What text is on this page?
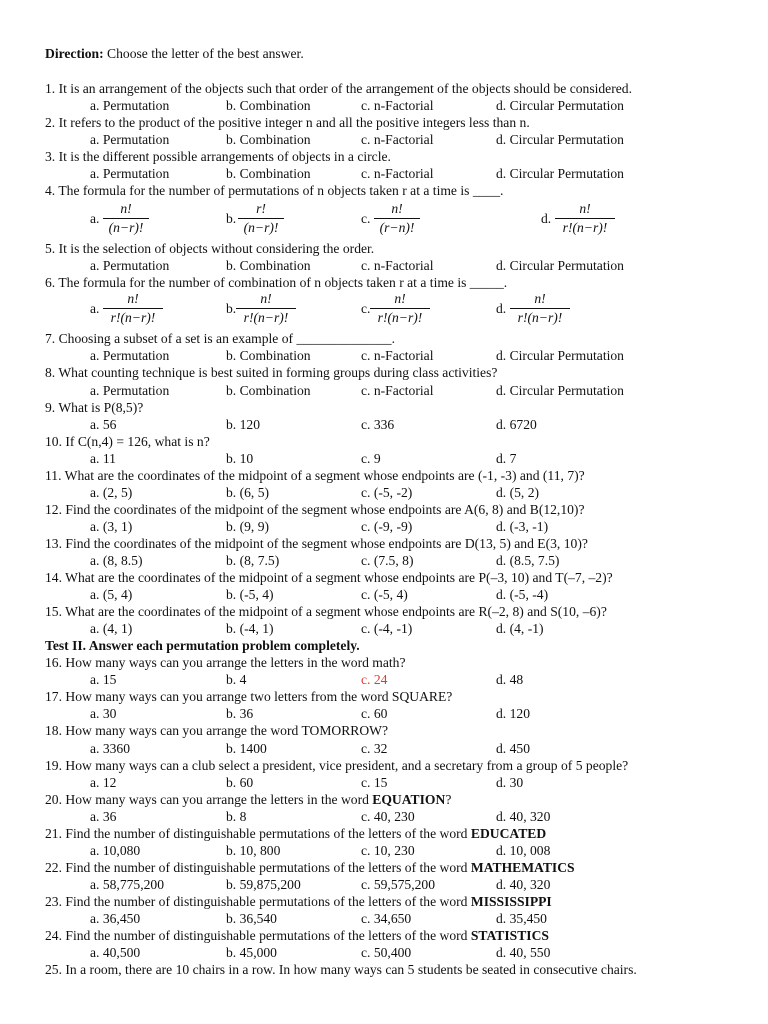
Direction: Choose the letter of the best answer.
1. It is an arrangement of the objects such that order of the arrangement of the objects should be considered.
a. Permutation	b. Combination	c. n-Factorial	d. Circular Permutation
2. It refers to the product of the positive integer n and all the positive integers less than n.
a. Permutation	b. Combination	c. n-Factorial	d. Circular Permutation
3. It is the different possible arrangements of objects in a circle.
a. Permutation	b. Combination	c. n-Factorial	d. Circular Permutation
4. The formula for the number of permutations of n objects taken r at a time is ____.
a. $\frac{n!}{(n-r)!}$	b. $\frac{r!}{(n-r)!}$	c. $\frac{n!}{(r-n)!}$	d. $\frac{n!}{r!(n-r)!}$
5. It is the selection of objects without considering the order.
a. Permutation	b. Combination	c. n-Factorial	d. Circular Permutation
6. The formula for the number of combination of n objects taken r at a time is _____.
a. $\frac{n!}{r!(n-r)!}$	b. $\frac{n!}{r!(n-r)!}$	c. $\frac{n!}{r!(n-r)!}$	d. $\frac{n!}{r!(n-r)!}$
7. Choosing a subset of a set is an example of ______________.
a. Permutation	b. Combination	c. n-Factorial	d. Circular Permutation
8. What counting technique is best suited in forming groups during class activities?
a. Permutation	b. Combination	c. n-Factorial	d. Circular Permutation
9. What is P(8,5)?
a. 56	b. 120	c. 336	d. 6720
10. If C(n,4) = 126, what is n?
a. 11	b. 10	c. 9	d. 7
11. What are the coordinates of the midpoint of a segment whose endpoints are (-1, -3) and (11, 7)?
a. (2, 5)	b. (6, 5)	c. (-5, -2)	d. (5, 2)
12. Find the coordinates of the midpoint of the segment whose endpoints are A(6, 8) and B(12,10)?
a. (3, 1)	b. (9, 9)	c. (-9, -9)	d. (-3, -1)
13. Find the coordinates of the midpoint of the segment whose endpoints are D(13, 5) and E(3, 10)?
a. (8, 8.5)	b. (8, 7.5)	c. (7.5, 8)	d. (8.5, 7.5)
14. What are the coordinates of the midpoint of a segment whose endpoints are P(–3, 10) and T(–7, –2)?
a. (5, 4)	b. (-5, 4)	c. (-5, 4)	d. (-5, -4)
15. What are the coordinates of the midpoint of a segment whose endpoints are R(–2, 8) and S(10, –6)?
a. (4, 1)	b. (-4, 1)	c. (-4, -1)	d. (4, -1)
Test II. Answer each permutation problem completely.
16. How many ways can you arrange the letters in the word math?
a. 15	b. 4	c. 24	d. 48
17. How many ways can you arrange two letters from the word SQUARE?
a. 30	b. 36	c. 60	d. 120
18. How many ways can you arrange the word TOMORROW?
a. 3360	b. 1400	c. 32	d. 450
19. How many ways can a club select a president, vice president, and a secretary from a group of 5 people?
a. 12	b. 60	c. 15	d. 30
20. How many ways can you arrange the letters in the word EQUATION?
a. 36	b. 8	c. 40, 230	d. 40, 320
21. Find the number of distinguishable permutations of the letters of the word EDUCATED
a. 10,080	b. 10, 800	c. 10, 230	d. 10, 008
22. Find the number of distinguishable permutations of the letters of the word MATHEMATICS
a. 58,775,200	b. 59,875,200	c. 59,575,200	d. 40, 320
23. Find the number of distinguishable permutations of the letters of the word MISSISSIPPI
a. 36,450	b. 36,540	c. 34,650	d. 35,450
24. Find the number of distinguishable permutations of the letters of the word STATISTICS
a. 40,500	b. 45,000	c. 50,400	d. 40, 550
25. In a room, there are 10 chairs in a row. In how many ways can 5 students be seated in consecutive chairs.
